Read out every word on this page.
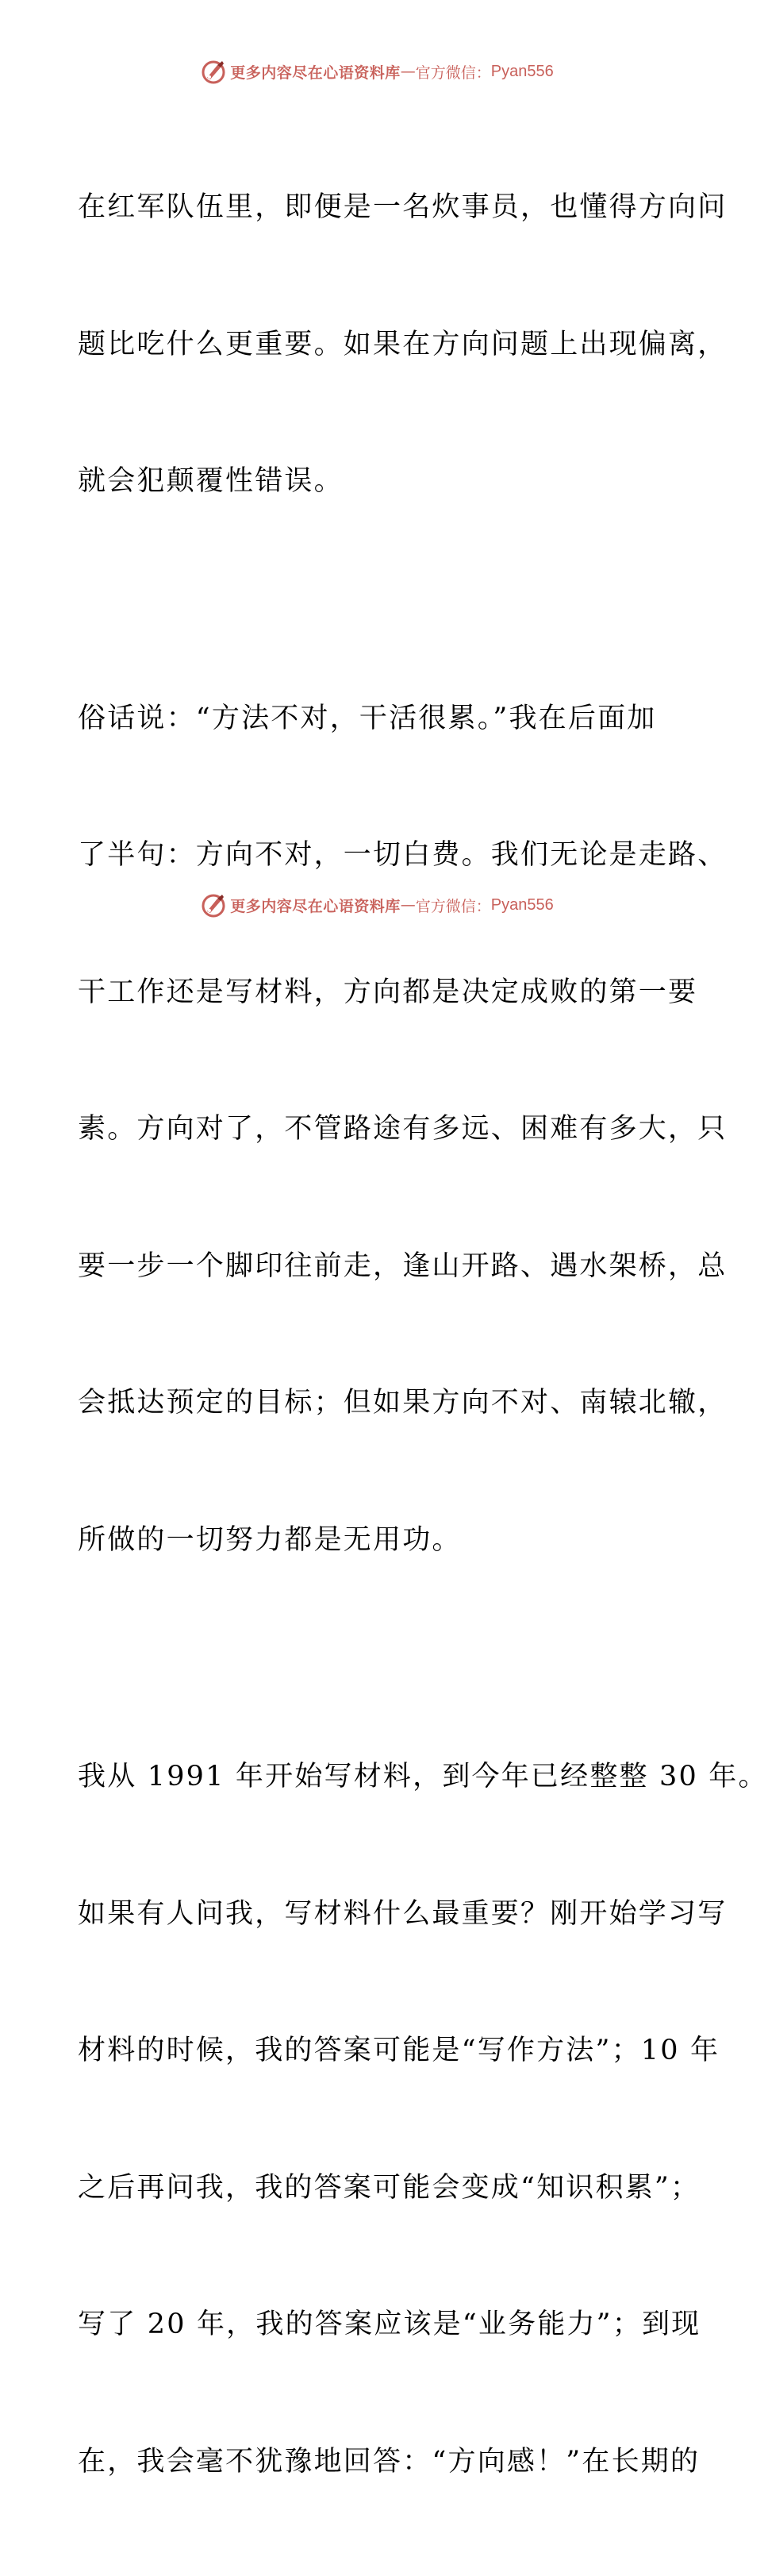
更多内容尽在心语资料库 — 官方微信： Pyan556

在红军队伍里，即便是一名炊事员，也懂得方向问

题比吃什么更重要。如果在方向问题上出现偏离，

就会犯颠覆性错误。

俗话说：“方法不对，干活很累。”我在后面加

了半句：方向不对，一切白费。我们无论是走路、

干工作还是写材料，方向都是决定成败的第一要

素。方向对了，不管路途有多远、困难有多大，只

要一步一个脚印往前走，逢山开路、遇水架桥，总

会抵达预定的目标；但如果方向不对、南辕北辙，

所做的一切努力都是无用功。

我从 1991 年开始写材料，到今年已经整整 30 年。

如果有人问我，写材料什么最重要？刚开始学习写

材料的时候，我的答案可能是“写作方法”；10 年

之后再问我，我的答案可能会变成“知识积累”；

写了 20 年，我的答案应该是“业务能力”；到现

在，我会毫不犹豫地回答：“方向感！”在长期的

更多内容尽在心语资料库 — 官方微信： Pyan556
